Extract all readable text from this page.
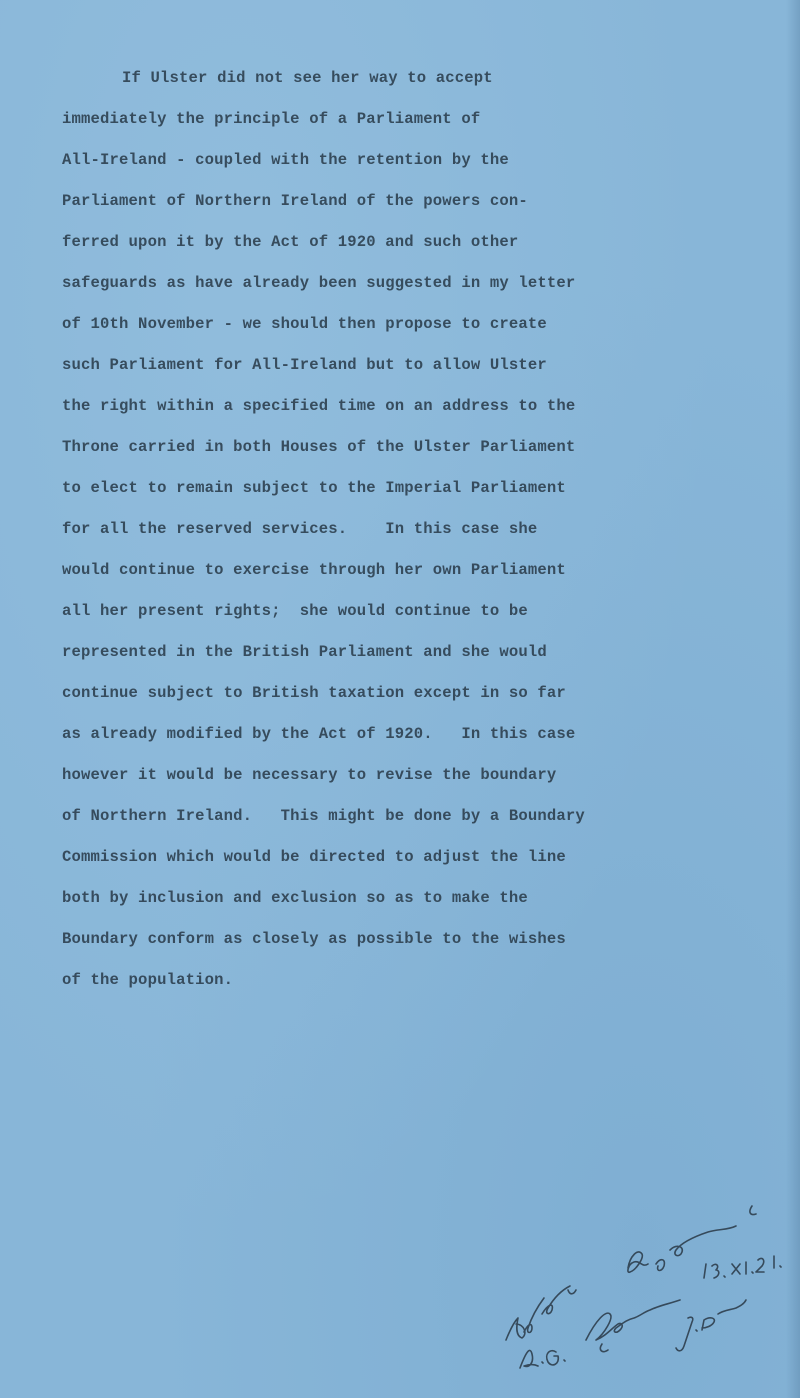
If Ulster did not see her way to accept
immediately the principle of a Parliament of
All-Ireland - coupled with the retention by the
Parliament of Northern Ireland of the powers con-
ferred upon it by the Act of 1920 and such other
safeguards as have already been suggested in my letter
of 10th November - we should then propose to create
such Parliament for All-Ireland but to allow Ulster
the right within a specified time on an address to the
Throne carried in both Houses of the Ulster Parliament
to elect to remain subject to the Imperial Parliament
for all the reserved services.    In this case she
would continue to exercise through her own Parliament
all her present rights;  she would continue to be
represented in the British Parliament and she would
continue subject to British taxation except in so far
as already modified by the Act of 1920.   In this case
however it would be necessary to revise the boundary
of Northern Ireland.   This might be done by a Boundary
Commission which would be directed to adjust the line
both by inclusion and exclusion so as to make the
Boundary conform as closely as possible to the wishes
of the population.
